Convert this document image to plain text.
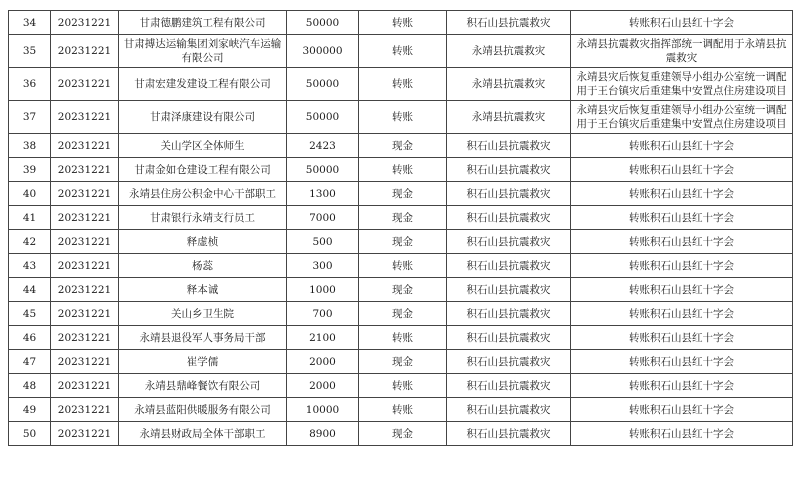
34	20231221	甘肃德鹏建筑工程有限公司	50000	转账	积石山县抗震救灾	转账积石山县红十字会
35	20231221	甘肃搏达运输集团刘家峡汽车运输有限公司	300000	转账	永靖县抗震救灾	永靖县抗震救灾指挥部统一调配用于永靖县抗震救灾
36	20231221	甘肃宏建发建设工程有限公司	50000	转账	永靖县抗震救灾	永靖县灾后恢复重建领导小组办公室统一调配用于王台镇灾后重建集中安置点住房建设项目
37	20231221	甘肃泽康建设有限公司	50000	转账	永靖县抗震救灾	永靖县灾后恢复重建领导小组办公室统一调配用于王台镇灾后重建集中安置点住房建设项目
38	20231221	关山学区全体师生	2423	现金	积石山县抗震救灾	转账积石山县红十字会
39	20231221	甘肃金如仓建设工程有限公司	50000	转账	积石山县抗震救灾	转账积石山县红十字会
40	20231221	永靖县住房公积金中心干部职工	1300	现金	积石山县抗震救灾	转账积石山县红十字会
41	20231221	甘肃银行永靖支行员工	7000	现金	积石山县抗震救灾	转账积石山县红十字会
42	20231221	释虚桢	500	现金	积石山县抗震救灾	转账积石山县红十字会
43	20231221	杨蕊	300	转账	积石山县抗震救灾	转账积石山县红十字会
44	20231221	释本诚	1000	现金	积石山县抗震救灾	转账积石山县红十字会
45	20231221	关山乡卫生院	700	现金	积石山县抗震救灾	转账积石山县红十字会
46	20231221	永靖县退役军人事务局干部	2100	转账	积石山县抗震救灾	转账积石山县红十字会
47	20231221	崔学儒	2000	现金	积石山县抗震救灾	转账积石山县红十字会
48	20231221	永靖县鼎峰餐饮有限公司	2000	转账	积石山县抗震救灾	转账积石山县红十字会
49	20231221	永靖县蓝阳供暖服务有限公司	10000	转账	积石山县抗震救灾	转账积石山县红十字会
50	20231221	永靖县财政局全体干部职工	8900	现金	积石山县抗震救灾	转账积石山县红十字会
